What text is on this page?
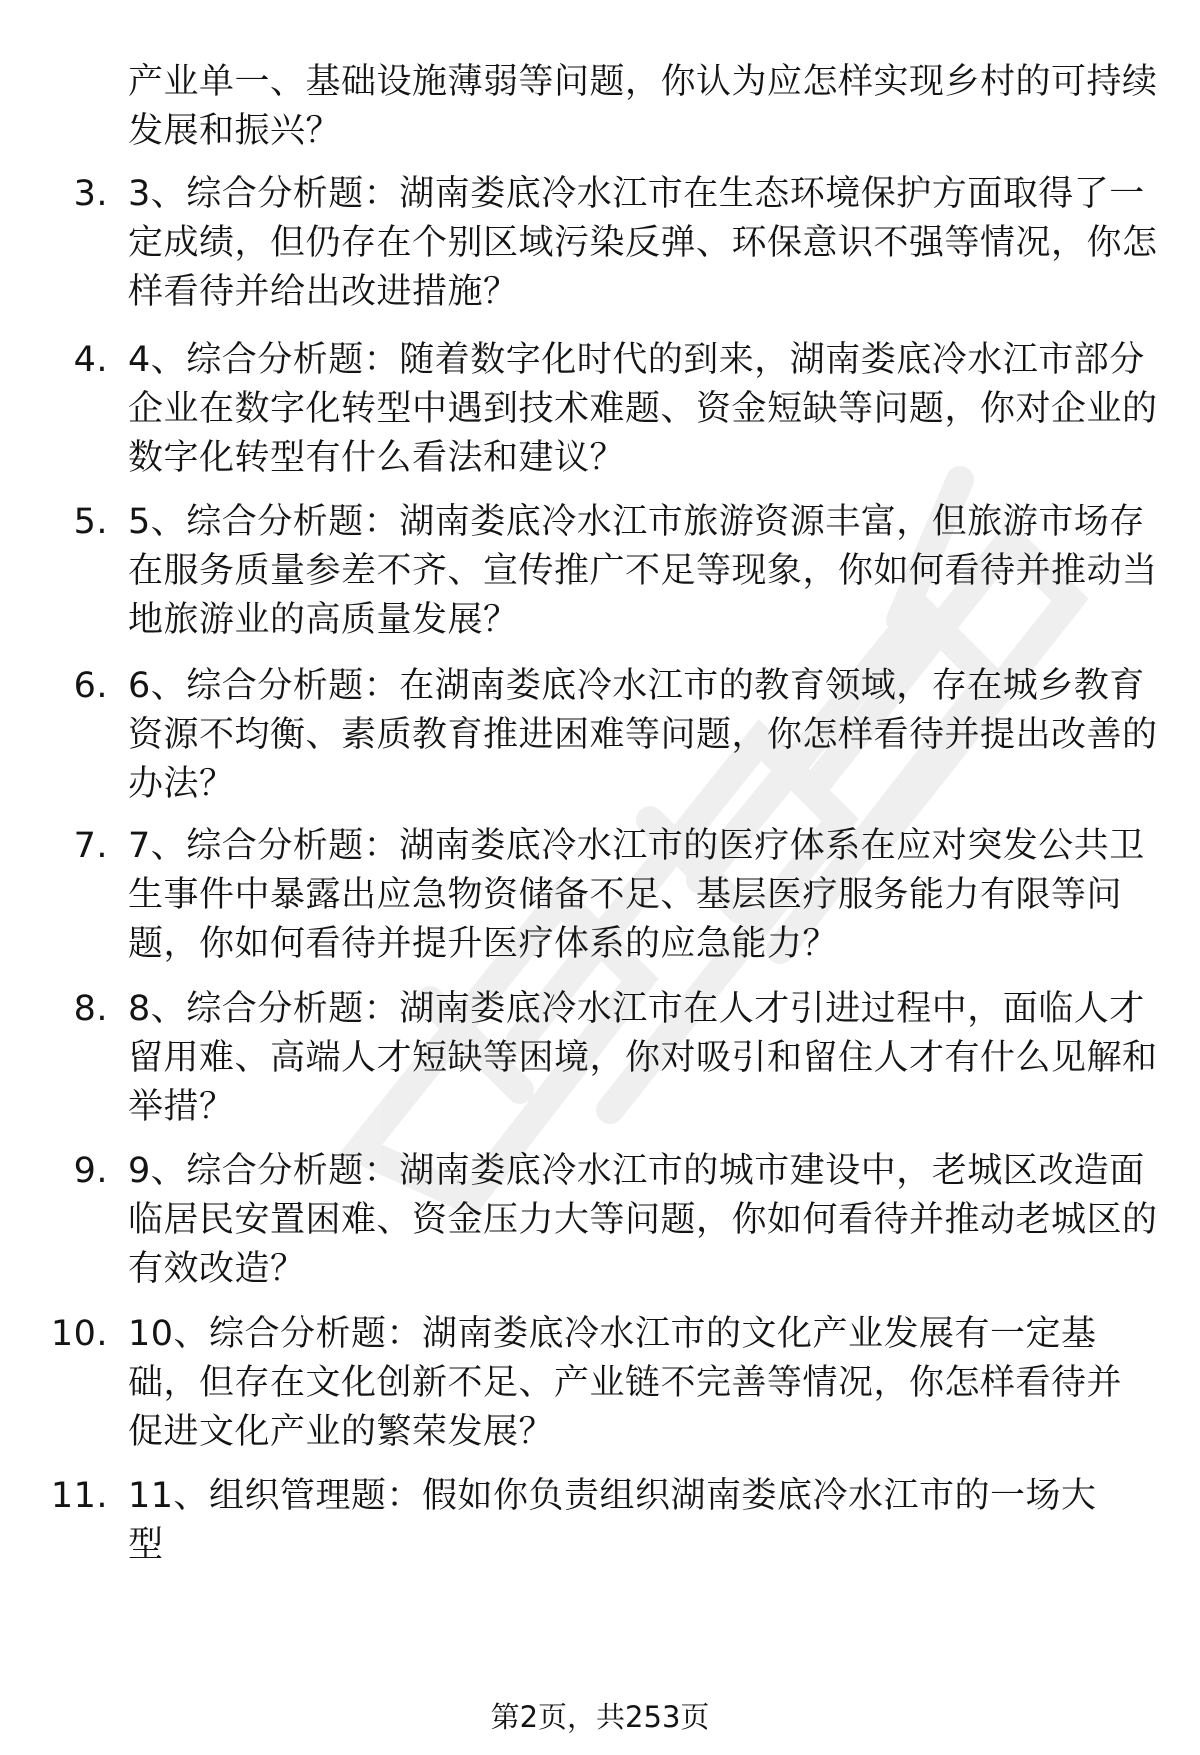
产业单一、基础设施薄弱等问题，你认为应怎样实现乡村的可持续发展和振兴？
3. 3、综合分析题：湖南娄底冷水江市在生态环境保护方面取得了一定成绩，但仍存在个别区域污染反弹、环保意识不强等情况，你怎样看待并给出改进措施？
4. 4、综合分析题：随着数字化时代的到来，湖南娄底冷水江市部分企业在数字化转型中遇到技术难题、资金短缺等问题，你对企业的数字化转型有什么看法和建议？
5. 5、综合分析题：湖南娄底冷水江市旅游资源丰富，但旅游市场存在服务质量参差不齐、宣传推广不足等现象，你如何看待并推动当地旅游业的高质量发展？
6. 6、综合分析题：在湖南娄底冷水江市的教育领域，存在城乡教育资源不均衡、素质教育推进困难等问题，你怎样看待并提出改善的办法？
7. 7、综合分析题：湖南娄底冷水江市的医疗体系在应对突发公共卫生事件中暴露出应急物资储备不足、基层医疗服务能力有限等问题，你如何看待并提升医疗体系的应急能力？
8. 8、综合分析题：湖南娄底冷水江市在人才引进过程中，面临人才留用难、高端人才短缺等困境，你对吸引和留住人才有什么见解和举措？
9. 9、综合分析题：湖南娄底冷水江市的城市建设中，老城区改造面临居民安置困难、资金压力大等问题，你如何看待并推动老城区的有效改造？
10. 10、综合分析题：湖南娄底冷水江市的文化产业发展有一定基础，但存在文化创新不足、产业链不完善等情况，你怎样看待并促进文化产业的繁荣发展？
11. 11、组织管理题：假如你负责组织湖南娄底冷水江市的一场大型
第2页，共253页
